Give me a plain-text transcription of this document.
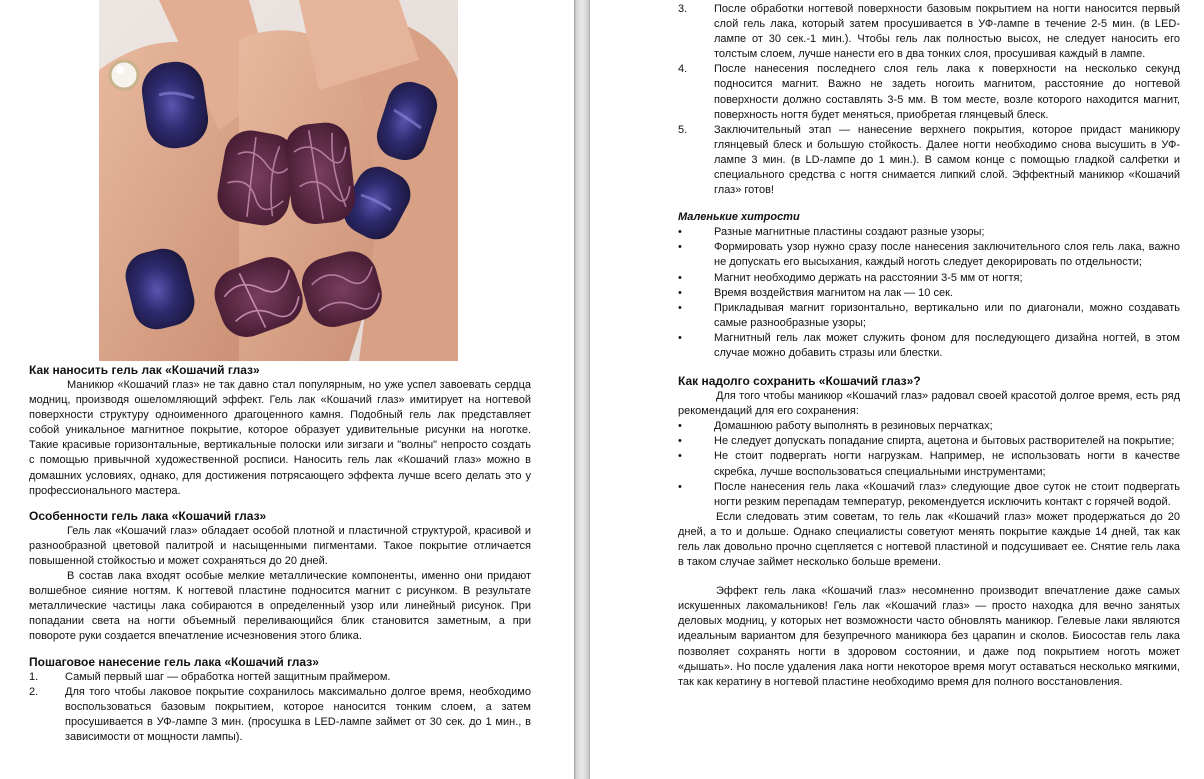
Как наносить гель лак «Кошачий глаз»

Маникюр «Кошачий глаз» не так давно стал популярным, но уже успел завоевать сердца модниц, производя ошеломляющий эффект. Гель лак «Кошачий глаз» имитирует на ногтевой поверхности структуру одноименного драгоценного камня. Подобный гель лак представляет собой уникальное магнитное покрытие, которое образует удивительные рисунки на ноготке. Такие красивые горизонтальные, вертикальные полоски или зигзаги и "волны" непросто создать с помощью привычной художественной росписи. Наносить гель лак «Кошачий глаз» можно в домашних условиях, однако, для достижения потрясающего эффекта лучше всего делать это у профессионального мастера.

Особенности гель лака «Кошачий глаз»

Гель лак «Кошачий глаз» обладает особой плотной и пластичной структурой, красивой и разнообразной цветовой палитрой и насыщенными пигментами. Такое покрытие отличается повышенной стойкостью и может сохраняться до 20 дней.

В состав лака входят особые мелкие металлические компоненты, именно они придают волшебное сияние ногтям. К ногтевой пластине подносится магнит с рисунком. В результате металлические частицы лака собираются в определенный узор или линейный рисунок. При попадании света на ногти объемный переливающийся блик становится заметным, а при повороте руки создается впечатление исчезновения этого блика.

Пошаговое нанесение гель лака «Кошачий глаз»
1.	Самый первый шаг — обработка ногтей защитным праймером.
2.	Для того чтобы лаковое покрытие сохранилось максимально долгое время, необходимо воспользоваться базовым покрытием, которое наносится тонким слоем, а затем просушивается в УФ-лампе 3 мин. (просушка в LED-лампе займет от 30 сек. до 1 мин., в зависимости от мощности лампы).
3.	После обработки ногтевой поверхности базовым покрытием на ногти наносится первый слой гель лака, который затем просушивается в УФ-лампе в течение 2-5 мин. (в LED-лампе от 30 сек.-1 мин.). Чтобы гель лак полностью высох, не следует наносить его толстым слоем, лучше нанести его в два тонких слоя, просушивая каждый в лампе.
4.	После нанесения последнего слоя гель лака к поверхности на несколько секунд подносится магнит. Важно не задеть ногоить магнитом, расстояние до ногтевой поверхности должно составлять 3-5 мм. В том месте, возле которого находится магнит, поверхность ногтя будет меняться, приобретая глянцевый блеск.
5.	Заключительный этап — нанесение верхнего покрытия, которое придаст маникюру глянцевый блеск и большую стойкость. Далее ногти необходимо снова высушить в УФ-лампе 3 мин. (в LD-лампе до 1 мин.). В самом конце с помощью гладкой салфетки и специального средства с ногтя снимается липкий слой. Эффектный маникюр «Кошачий глаз» готов!
Маленькие хитрости
•	Разные магнитные пластины создают разные узоры;
•	Формировать узор нужно сразу после нанесения заключительного слоя гель лака, важно не допускать его высыхания, каждый ноготь следует декорировать по отдельности;
•	Магнит необходимо держать на расстоянии 3-5 мм от ногтя;
•	Время воздействия магнитом на лак — 10 сек.
•	Прикладывая магнит горизонтально, вертикально или по диагонали, можно создавать самые разнообразные узоры;
•	Магнитный гель лак может служить фоном для последующего дизайна ногтей, в этом случае можно добавить стразы или блестки.
Как надолго сохранить «Кошачий глаз»?

Для того чтобы маникюр «Кошачий глаз» радовал своей красотой долгое время, есть ряд рекомендаций для его сохранения:

•	Домашнюю работу выполнять в резиновых перчатках;
•	Не следует допускать попадание спирта, ацетона и бытовых растворителей на покрытие;
•	Не стоит подвергать ногти нагрузкам. Например, не использовать ногти в качестве скребка, лучше воспользоваться специальными инструментами;
•	После нанесения гель лака «Кошачий глаз» следующие двое суток не стоит подвергать ногти резким перепадам температур, рекомендуется исключить контакт с горячей водой.

Если следовать этим советам, то гель лак «Кошачий глаз» может продержаться до 20 дней, а то и дольше. Однако специалисты советуют менять покрытие каждые 14 дней, так как гель лак довольно прочно сцепляется с ногтевой пластиной и подсушивает ее. Снятие гель лака в таком случае займет несколько больше времени.

Эффект гель лака «Кошачий глаз» несомненно производит впечатление даже самых искушенных лакомальников! Гель лак «Кошачий глаз» — просто находка для вечно занятых деловых модниц, у которых нет возможности часто обновлять маникюр. Гелевые лаки являются идеальным вариантом для безупречного маникюра без царапин и сколов. Биосостав гель лака позволяет сохранять ногти в здоровом состоянии, и даже под покрытием ноготь может «дышать». Но после удаления лака ногти некоторое время могут оставаться несколько мягкими, так как кератину в ногтевой пластине необходимо время для полного восстановления.
